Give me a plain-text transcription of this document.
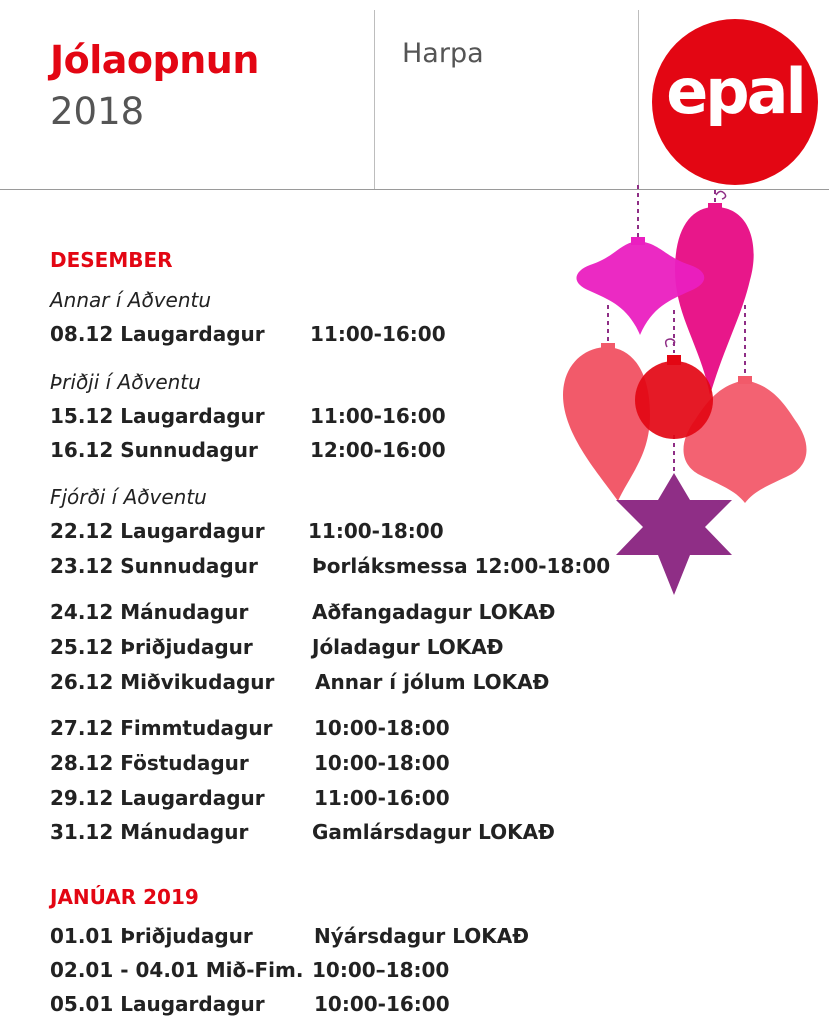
Jólaopnun
2018
Harpa
epal
DESEMBER
Annar í Aðventu
08.12 Laugardagur 11:00-16:00
Þriðji í Aðventu
15.12 Laugardagur 11:00-16:00
16.12 Sunnudagur	12:00-16:00
Fjórði í Aðventu
22.12 Laugardagur 11:00-18:00
23.12 Sunnudagur	Þorláksmessa 12:00-18:00
24.12 Mánudagur	Aðfangadagur LOKAÐ
25.12 Þriðjudagur	Jóladagur LOKAÐ
26.12 Miðvikudagur Annar í jólum LOKAÐ
27.12 Fimmtudagur 10:00-18:00
28.12 Föstudagur	10:00-18:00
29.12 Laugardagur 11:00-16:00
31.12 Mánudagur	Gamlársdagur LOKAÐ
JANÚAR 2019
01.01 Þriðjudagur	Nýársdagur LOKAÐ
02.01 - 04.01 Mið-Fim. 10:00–18:00
05.01 Laugardagur 10:00-16:00
